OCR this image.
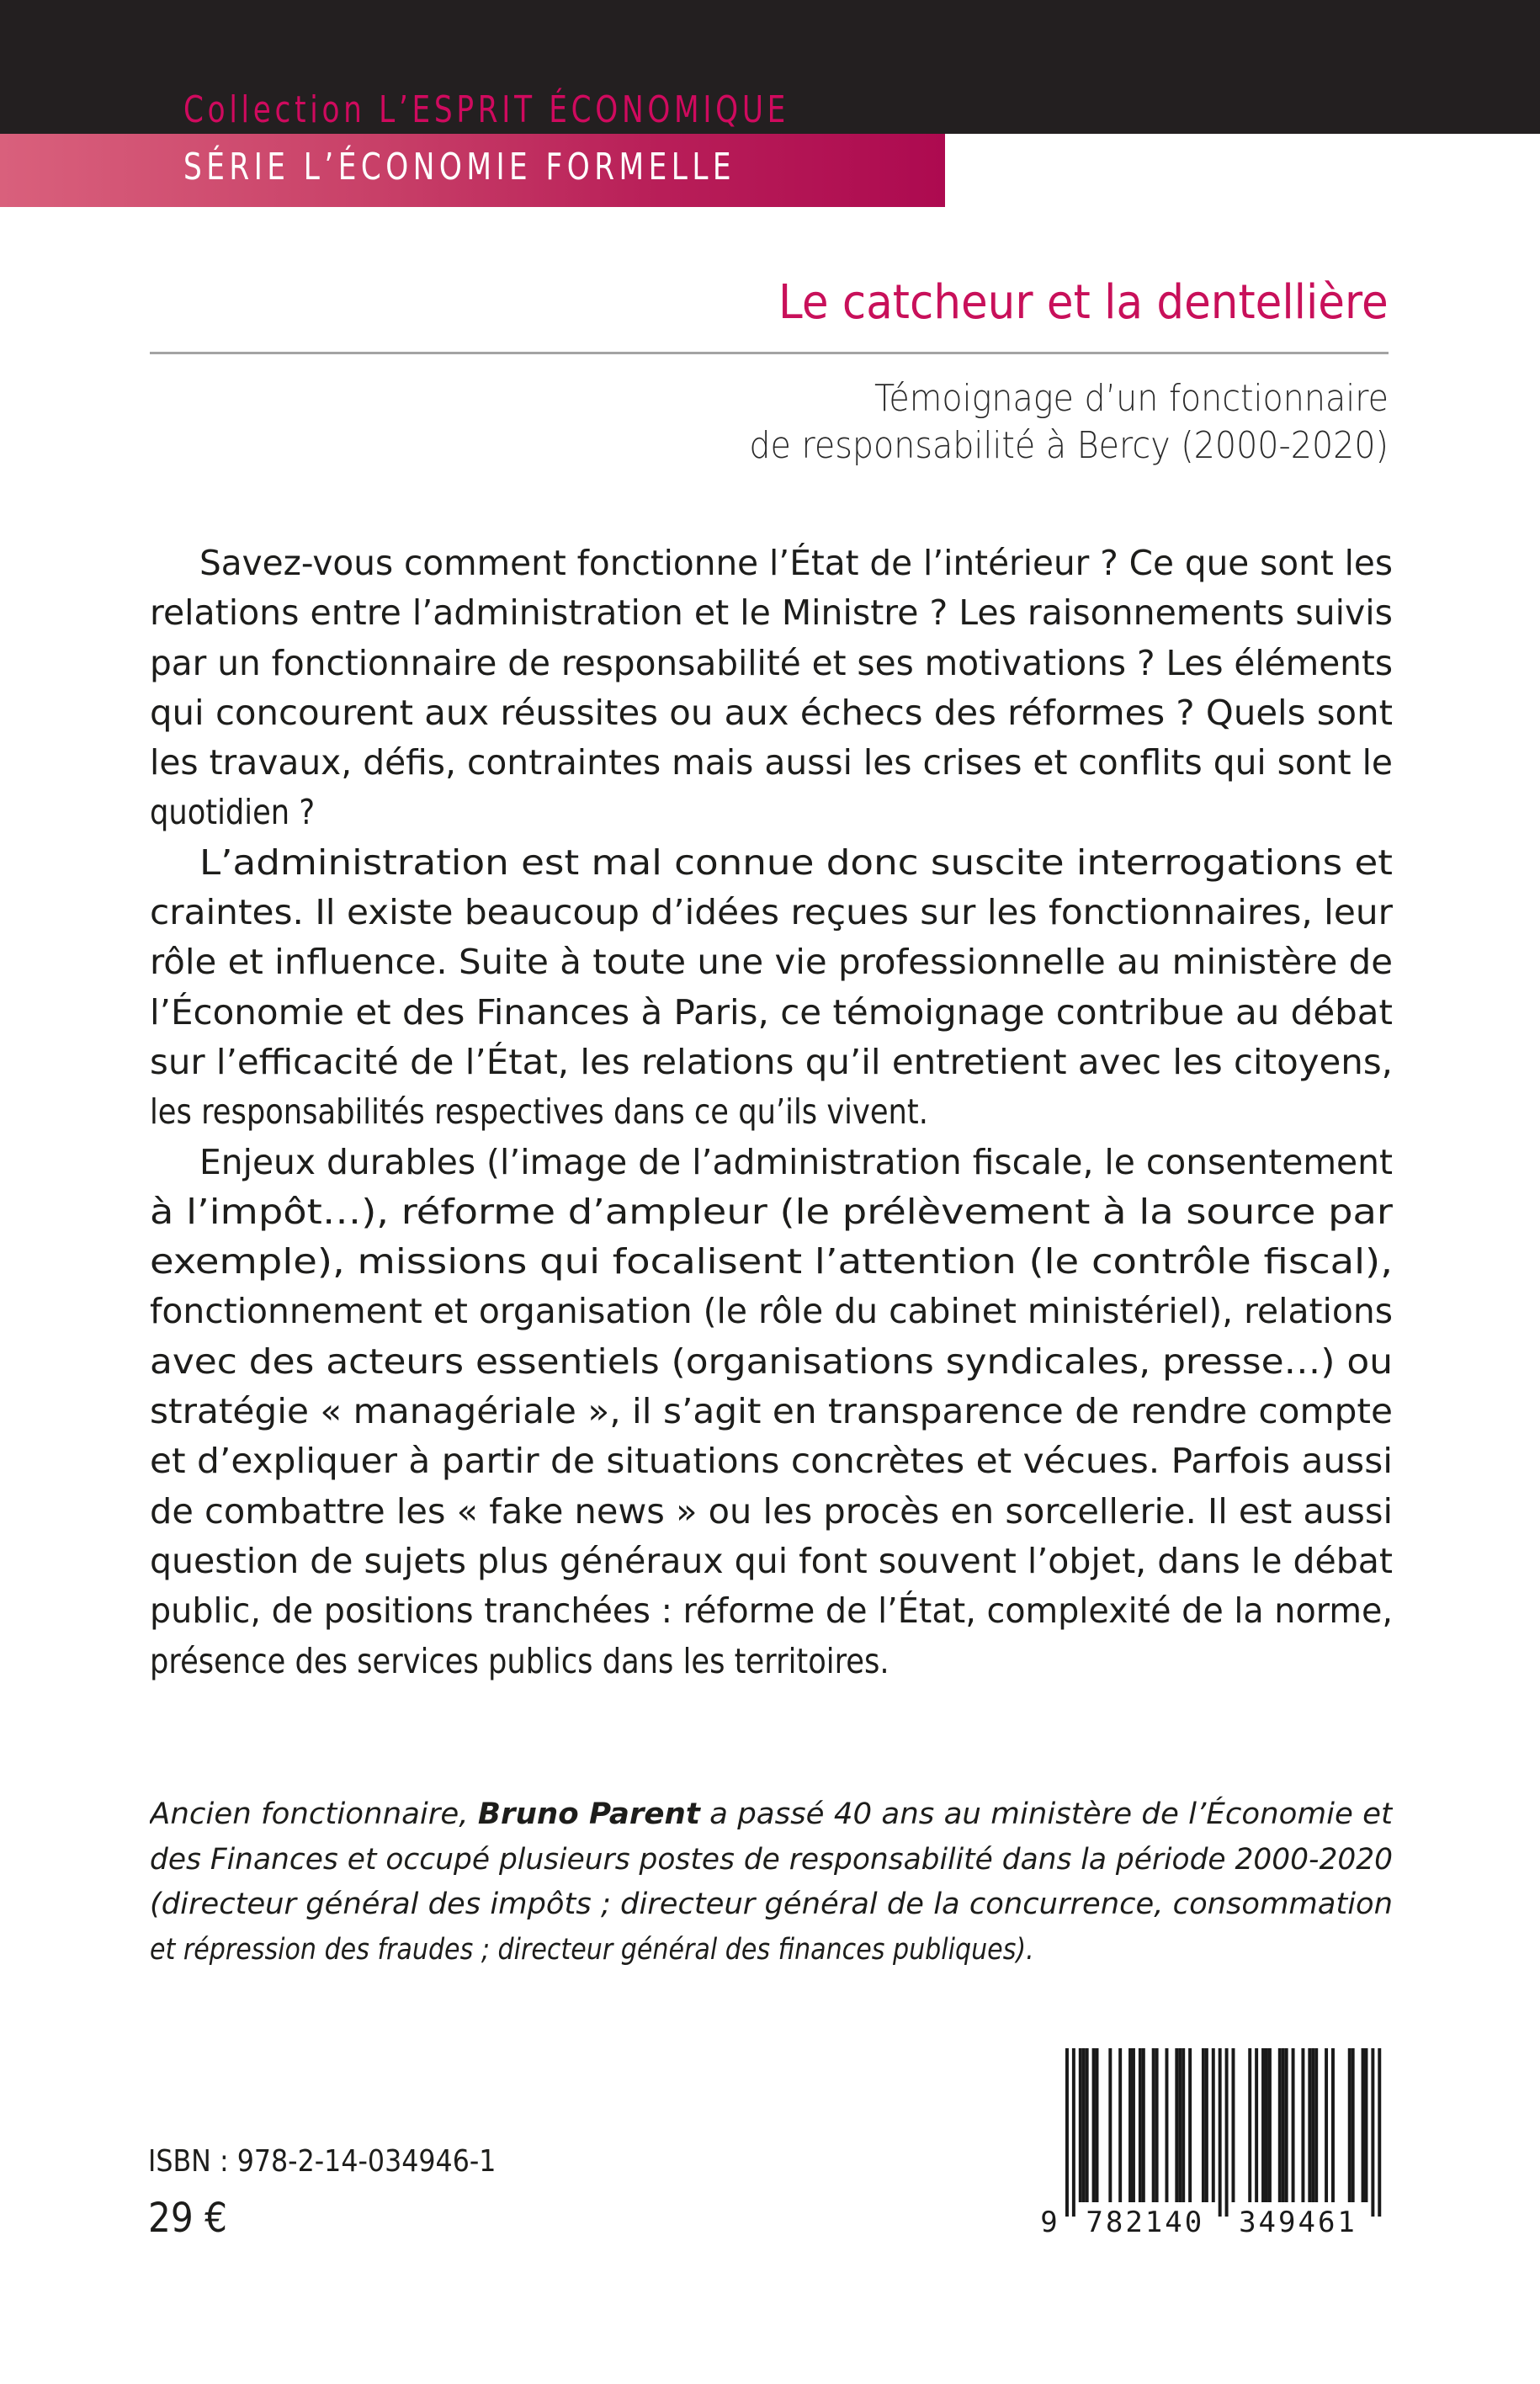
Collection L’ESPRIT ÉCONOMIQUE
SÉRIE L’ÉCONOMIE FORMELLE
Le catcheur et la dentellière
Témoignage d’un fonctionnaire
de responsabilité à Bercy (2000-2020)
Savez-vous comment fonctionne l’État de l’intérieur ? Ce que sont les
relations entre l’administration et le Ministre ? Les raisonnements suivis
par un fonctionnaire de responsabilité et ses motivations ? Les éléments
qui concourent aux réussites ou aux échecs des réformes ? Quels sont
les travaux, défis, contraintes mais aussi les crises et conflits qui sont le
quotidien ?
L’administration est mal connue donc suscite interrogations et
craintes. Il existe beaucoup d’idées reçues sur les fonctionnaires, leur
rôle et influence. Suite à toute une vie professionnelle au ministère de
l’Économie et des Finances à Paris, ce témoignage contribue au débat
sur l’efficacité de l’État, les relations qu’il entretient avec les citoyens,
les responsabilités respectives dans ce qu’ils vivent.
Enjeux durables (l’image de l’administration fiscale, le consentement
à l’impôt…), réforme d’ampleur (le prélèvement à la source par
exemple), missions qui focalisent l’attention (le contrôle fiscal),
fonctionnement et organisation (le rôle du cabinet ministériel), relations
avec des acteurs essentiels (organisations syndicales, presse…) ou
stratégie « managériale », il s’agit en transparence de rendre compte
et d’expliquer à partir de situations concrètes et vécues. Parfois aussi
de combattre les « fake news » ou les procès en sorcellerie. Il est aussi
question de sujets plus généraux qui font souvent l’objet, dans le débat
public, de positions tranchées : réforme de l’État, complexité de la norme,
présence des services publics dans les territoires.
Ancien fonctionnaire, Bruno Parent a passé 40 ans au ministère de l’Économie et
des Finances et occupé plusieurs postes de responsabilité dans la période 2000-2020
(directeur général des impôts ; directeur général de la concurrence, consommation
et répression des fraudes ; directeur général des finances publiques).
ISBN : 978-2-14-034946-1
29 €	9 782140 349461
